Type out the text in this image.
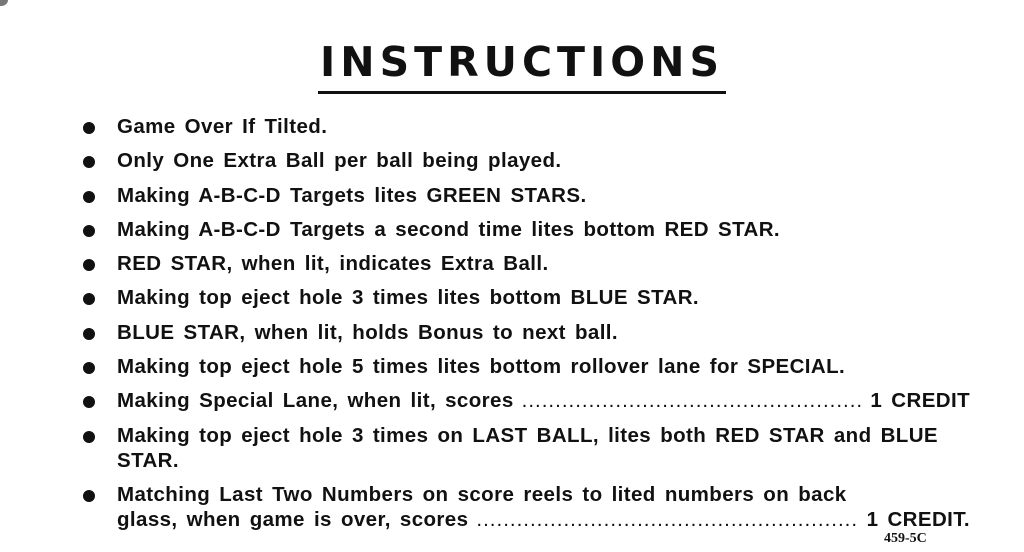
INSTRUCTIONS
Game Over If Tilted.
Only One Extra Ball per ball being played.
Making A-B-C-D Targets lites GREEN STARS.
Making A-B-C-D Targets a second time lites bottom RED STAR.
RED STAR, when lit, indicates Extra Ball.
Making top eject hole 3 times lites bottom BLUE STAR.
BLUE STAR, when lit, holds Bonus to next ball.
Making top eject hole 5 times lites bottom rollover lane for SPECIAL.
Making Special Lane, when lit, scores .....	1 CREDIT
Making top eject hole 3 times on LAST BALL, lites both RED STAR and BLUE STAR.
Matching Last Two Numbers on score reels to lited numbers on back
glass, when game is over, scores .....	1 CREDIT.
459-5C
